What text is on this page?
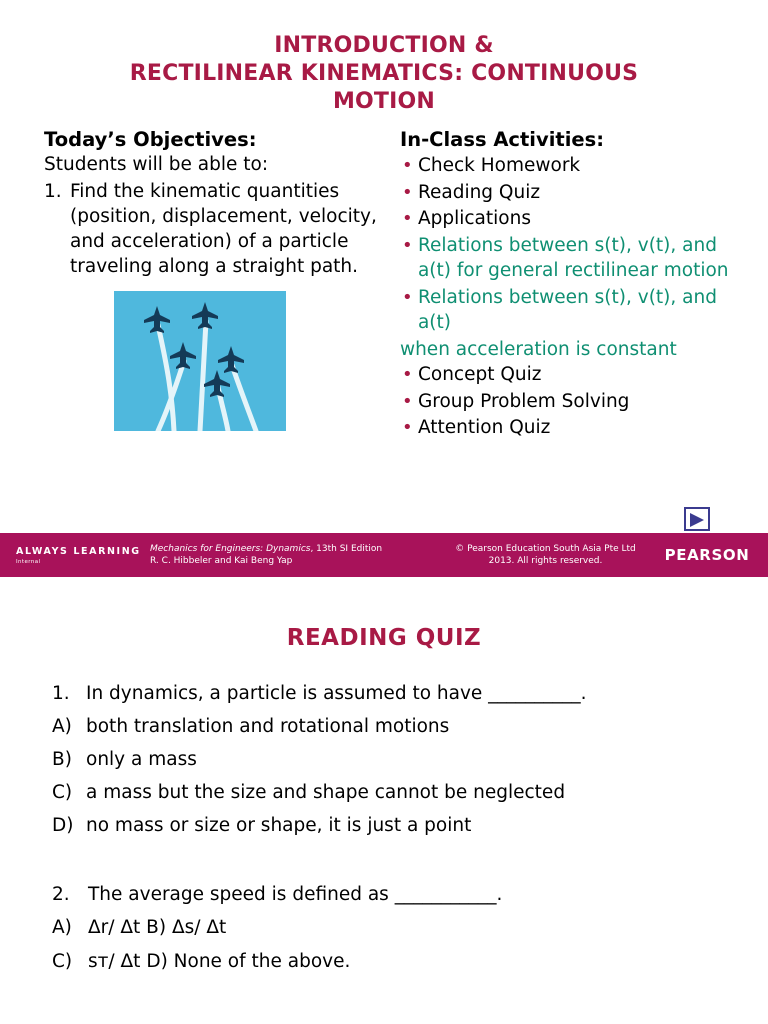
INTRODUCTION &
RECTILINEAR KINEMATICS: CONTINUOUS
MOTION
Today’s Objectives:
Students will be able to:
1. Find the kinematic quantities (position, displacement, velocity, and acceleration) of a particle traveling along a straight path.
In-Class Activities:
• Check Homework
• Reading Quiz
• Applications
• Relations between s(t), v(t), and a(t) for general rectilinear motion
• Relations between s(t), v(t), and a(t)
when acceleration is constant
• Concept Quiz
• Group Problem Solving
• Attention Quiz
ALWAYS LEARNING
Internal
Mechanics for Engineers: Dynamics, 13th SI Edition
R. C. Hibbeler and Kai Beng Yap
© Pearson Education South Asia Pte Ltd
2013. All rights reserved.	PEARSON
READING QUIZ
1. In dynamics, a particle is assumed to have __________.
A) both translation and rotational motions
B) only a mass
C) a mass but the size and shape cannot be neglected
D) no mass or size or shape, it is just a point
2. The average speed is defined as ___________.
A) Δr/ Δt B) Δs/ Δt
C) sᴛ/ Δt D) None of the above.
